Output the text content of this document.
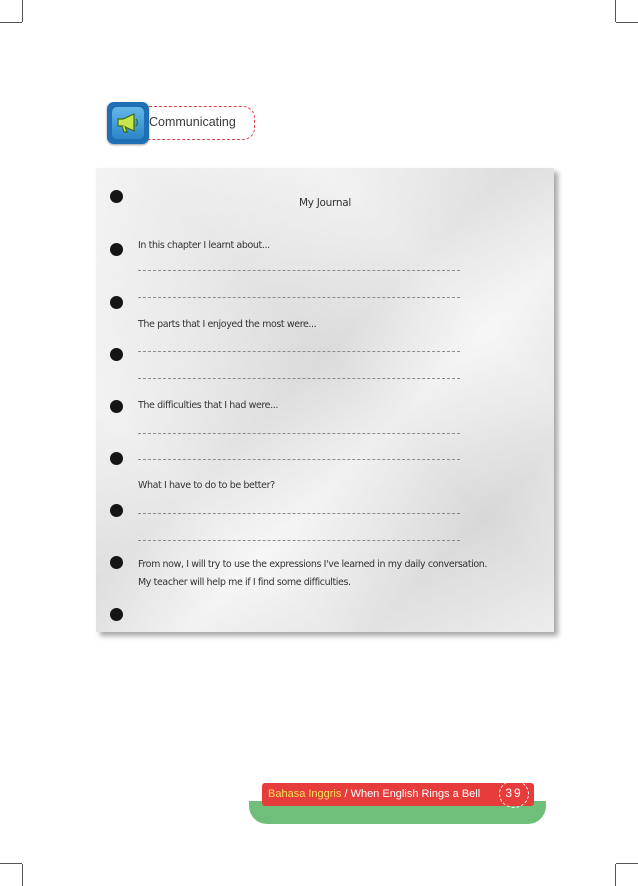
Communicating
My Journal
In this chapter I learnt about...
The parts that I enjoyed the most were...
The difficulties that I had were...
What I have to do to be better?
From now, I will try to use the expressions I've learned in my daily conversation.
My teacher will help me if I find some difficulties.
Bahasa Inggris / When English Rings a Bell	39
